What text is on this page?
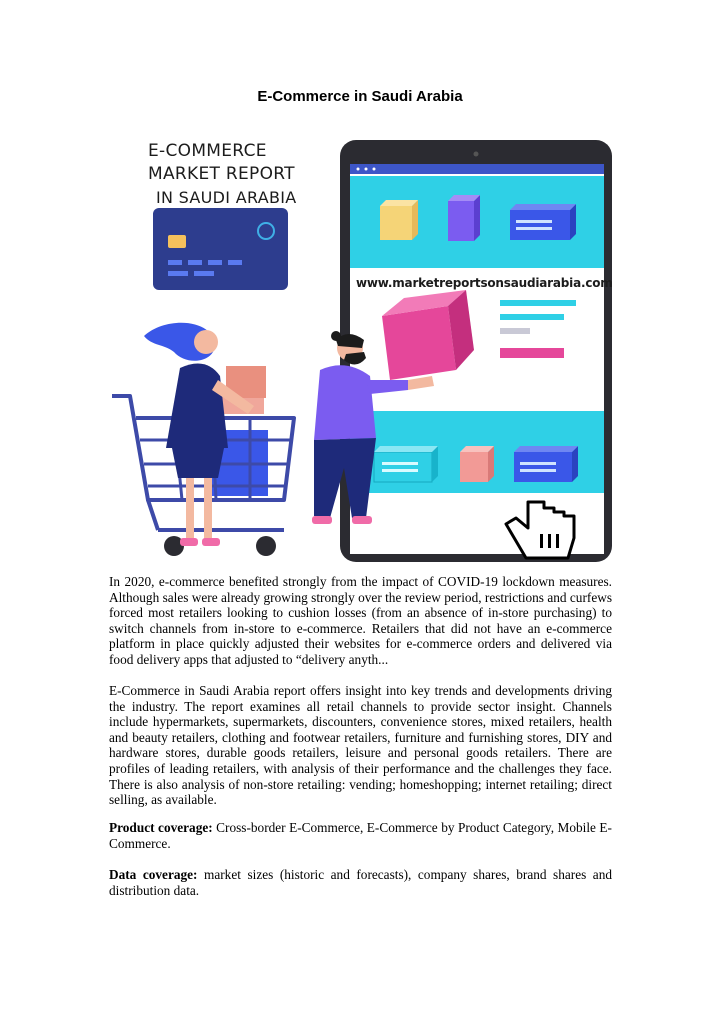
E-Commerce in Saudi Arabia
E-COMMERCE
MARKET REPORT
IN SAUDI ARABIA
www.marketreportsonsaudiarabia.com
In 2020, e-commerce benefited strongly from the impact of COVID-19 lockdown measures. Although sales were already growing strongly over the review period, restrictions and curfews forced most retailers looking to cushion losses (from an absence of in-store purchasing) to switch channels from in-store to e-commerce. Retailers that did not have an e-commerce platform in place quickly adjusted their websites for e-commerce orders and delivered via food delivery apps that adjusted to “delivery anyth...
E-Commerce in Saudi Arabia report offers insight into key trends and developments driving the industry. The report examines all retail channels to provide sector insight. Channels include hypermarkets, supermarkets, discounters, convenience stores, mixed retailers, health and beauty retailers, clothing and footwear retailers, furniture and furnishing stores, DIY and hardware stores, durable goods retailers, leisure and personal goods retailers. There are profiles of leading retailers, with analysis of their performance and the challenges they face. There is also analysis of non-store retailing: vending; homeshopping; internet retailing; direct selling, as available.
Product coverage: Cross-border E-Commerce, E-Commerce by Product Category, Mobile E-Commerce.
Data coverage: market sizes (historic and forecasts), company shares, brand shares and distribution data.
